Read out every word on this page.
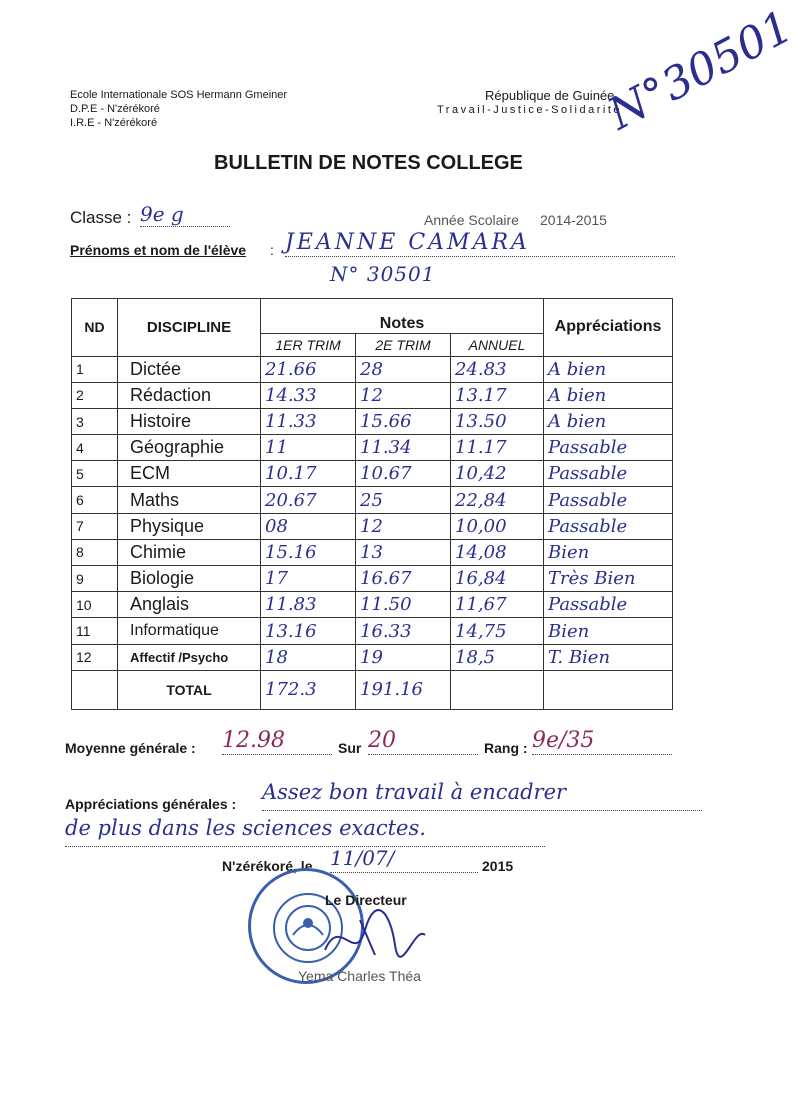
Ecole Internationale SOS Hermann Gmeiner
D.P.E - N'zérékoré
I.R.E - N'zérékoré
République de Guinée
Travail-Justice-Solidarité
N°30501
BULLETIN DE NOTES COLLEGE
Classe : 9e g	Année Scolaire 2014-2015
Prénoms et nom de l'élève : JEANNE CAMARA
N° 30501
ND	DISCIPLINE	Notes			Appréciations
		1ER TRIM	2E TRIM	ANNUEL	
1	Dictée	21.66	28	24.83	A bien
2	Rédaction	14.33	12	13.17	A bien
3	Histoire	11.33	15.66	13.50	A bien
4	Géographie	11	11.34	11.17	Passable
5	ECM	10.17	10.67	10,42	Passable
6	Maths	20.67	25	22,84	Passable
7	Physique	08	12	10,00	Passable
8	Chimie	15.16	13	14,08	Bien
9	Biologie	17	16.67	16,84	Très Bien
10	Anglais	11.83	11.50	11,67	Passable
11	Informatique	13.16	16.33	14,75	Bien
12	Affectif /Psycho	18	19	18,5	T. Bien
	TOTAL	172.3	191.16		
Moyenne générale : 12.98	Sur 20	Rang : 9e/35
Appréciations générales : Assez bon travail à encadrer
de plus dans les sciences exactes.
N'zérékoré, le 11/07/	2015
Le Directeur
Yema Charles Théa
